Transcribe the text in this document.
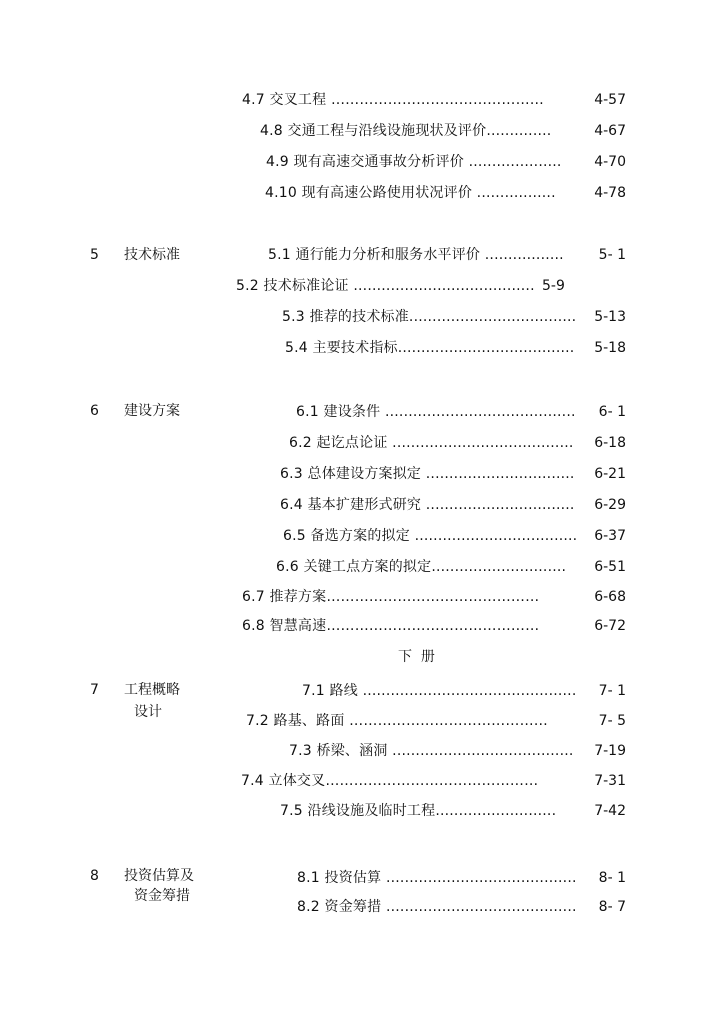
4.7 交叉工程 ………………………………………	4-57
4.8 交通工程与沿线设施现状及评价..............	4-67
4.9 现有高速交通事故分析评价 ....................	4-70
4.10 现有高速公路使用状况评价 .................	4-78
5 技术标准	5.1 通行能力分析和服务水平评价 .................	5- 1
5.2 技术标准论证 ....................................... 5-9
5.3 推荐的技术标准....................................	5-13
5.4 主要技术指标......................................	5-18
6 建设方案	6.1 建设条件 .........................................	6- 1
6.2 起讫点论证 .......................................	6-18
6.3 总体建设方案拟定 ................................	6-21
6.4 基本扩建形式研究 ................................	6-29
6.5 备选方案的拟定 ...................................	6-37
6.6 关键工点方案的拟定.............................	6-51
6.7 推荐方案………………………………………	6-68
6.8 智慧高速………………………………………	6-72
下  册
7 工程概略
设计
7.1 路线 ..............................................	7- 1
7.2 路基、路面 ……………………………………	7- 5
7.3 桥梁、涵洞 .......................................	7-19
7.4 立体交叉………………………………………	7-31
7.5 沿线设施及临时工程..........................	7-42
8 投资估算及
资金筹措
8.1 投资估算 .........................................	8- 1
8.2 资金筹措 .........................................	8- 7
